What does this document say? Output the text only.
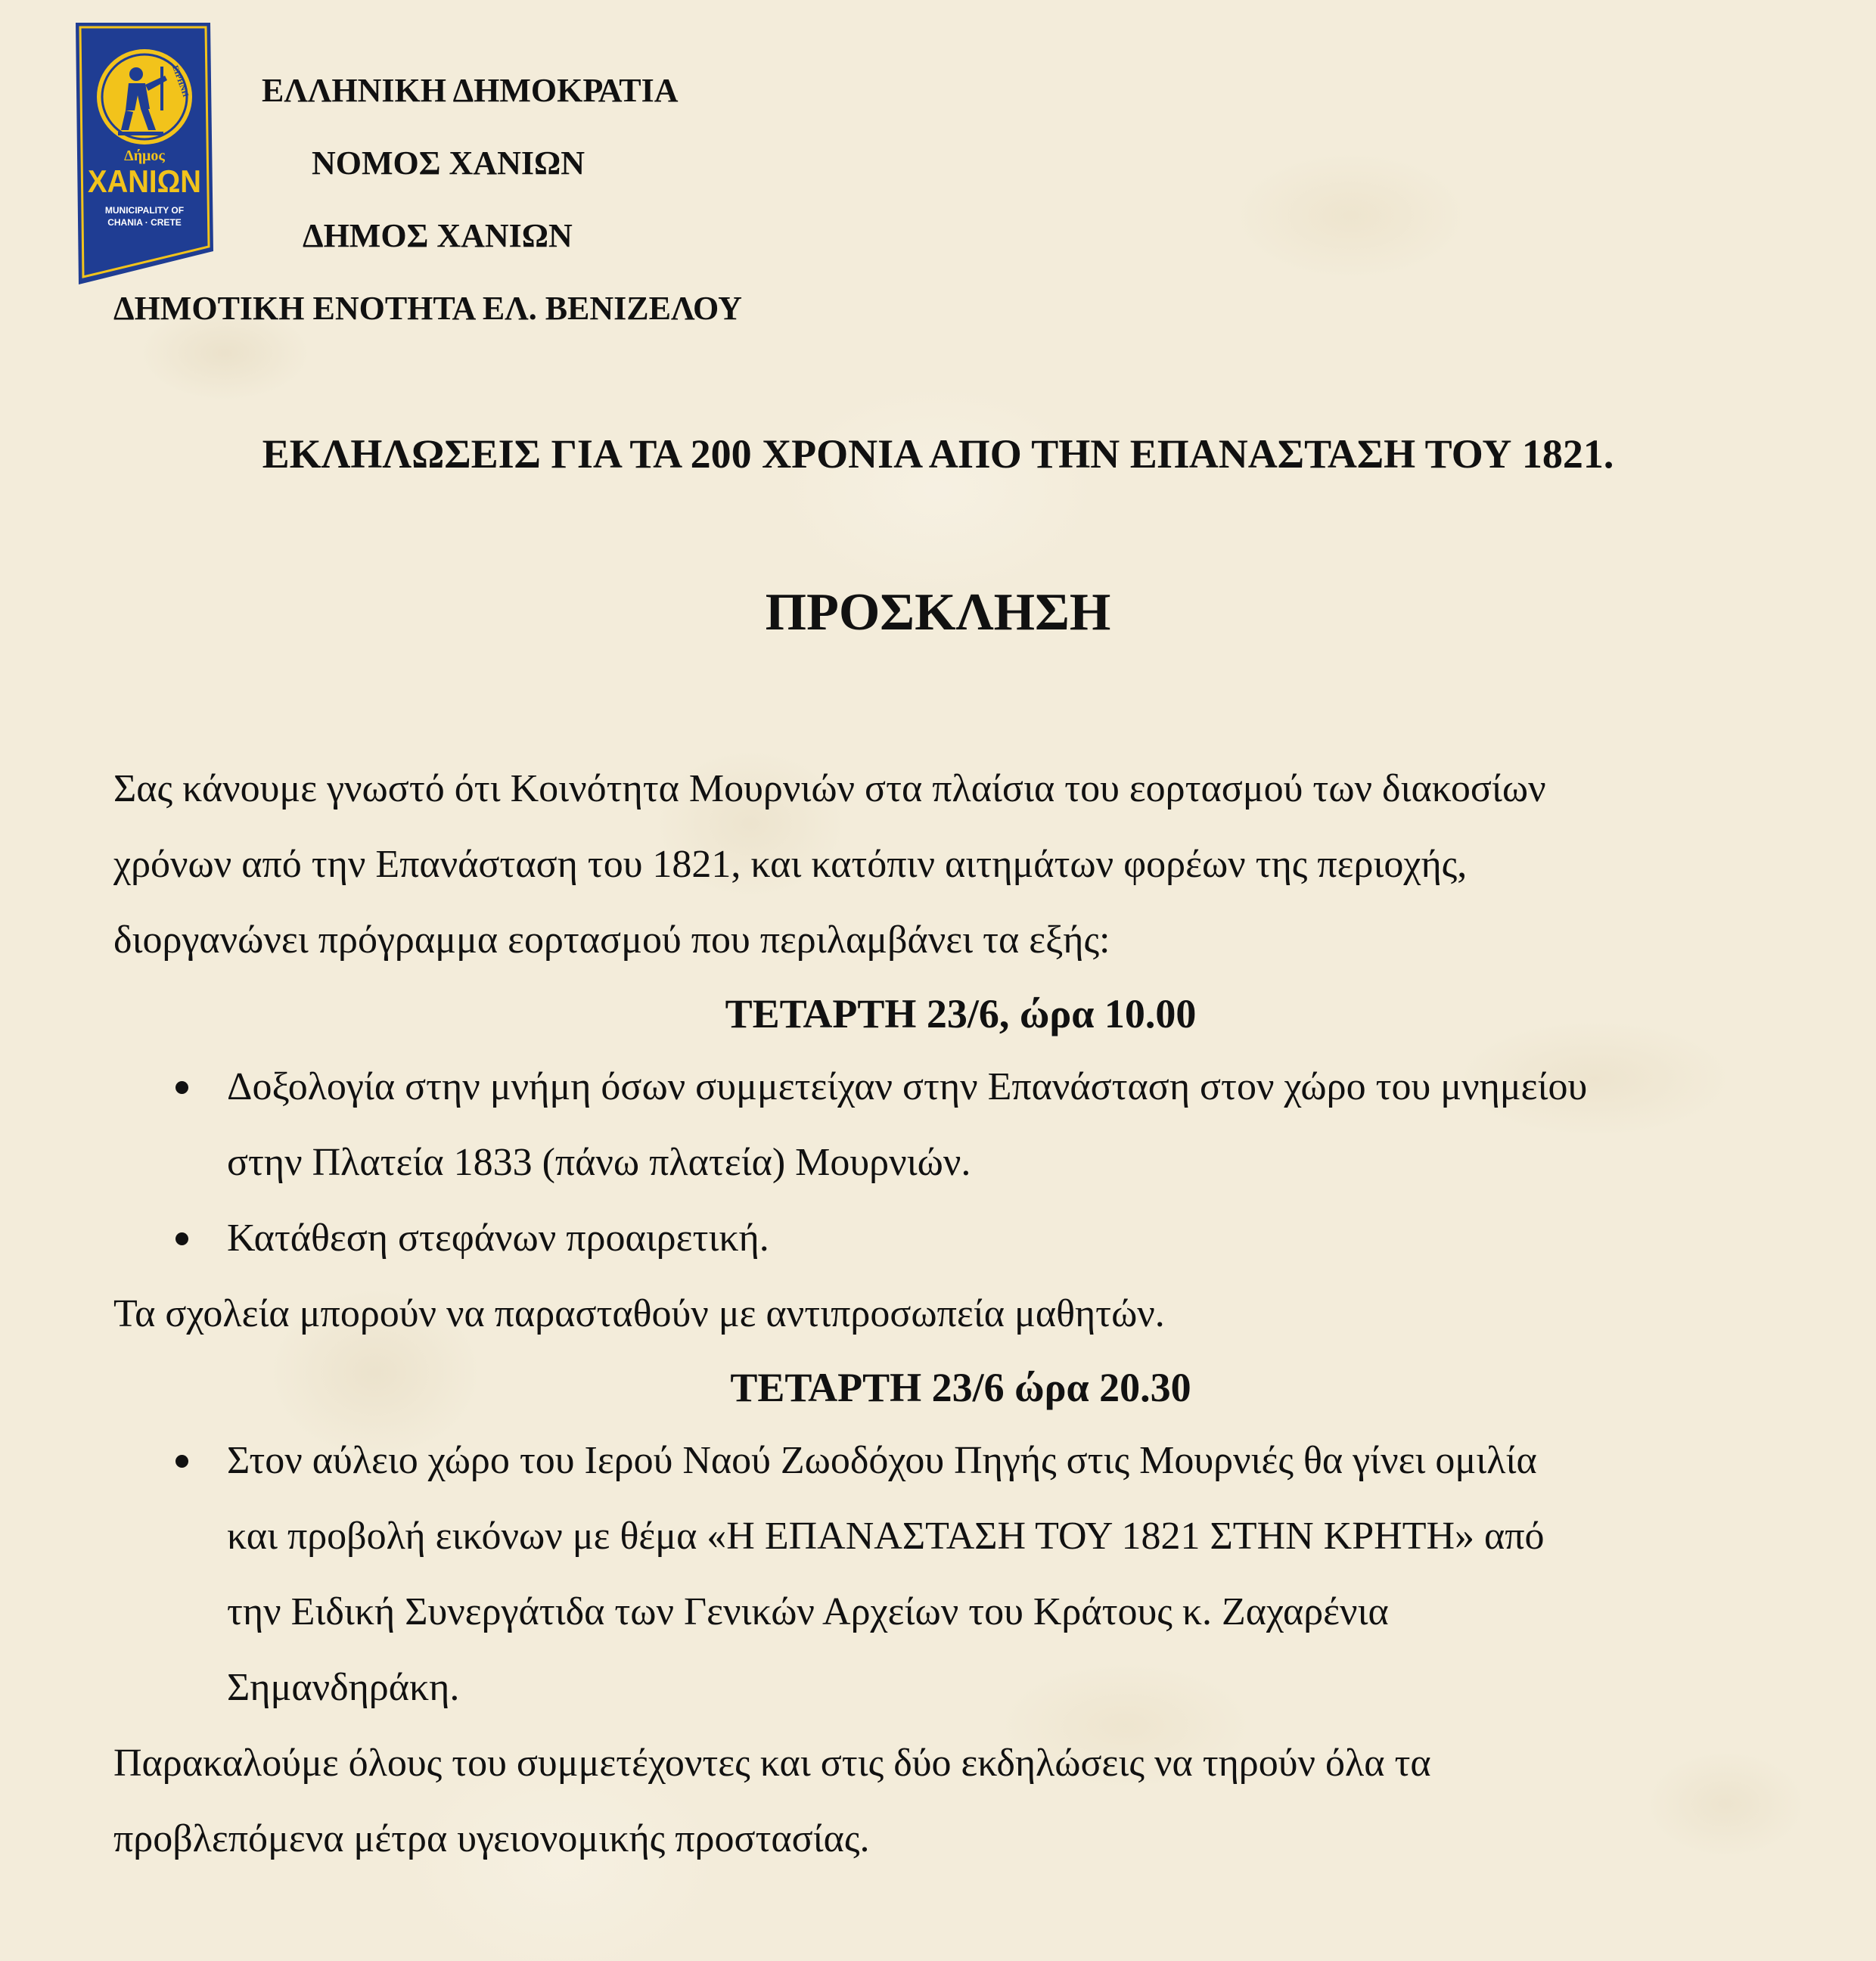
ΕΙΡΗΝΗ
Δήμος
ΧΑΝΙΩΝ
MUNICIPALITY OF
CHANIA · CRETE
ΕΛΛΗΝΙΚΗ ΔΗΜΟΚΡΑΤΙΑ
ΝΟΜΟΣ ΧΑΝΙΩΝ
ΔΗΜΟΣ ΧΑΝΙΩΝ
ΔΗΜΟΤΙΚΗ ΕΝΟΤΗΤΑ ΕΛ. ΒΕΝΙΖΕΛΟΥ
ΕΚΛΗΛΩΣΕΙΣ ΓΙΑ ΤΑ 200 ΧΡΟΝΙΑ ΑΠΟ ΤΗΝ ΕΠΑΝΑΣΤΑΣΗ ΤΟΥ 1821.
ΠΡΟΣΚΛΗΣΗ

Σας κάνουμε γνωστό ότι Κοινότητα Μουρνιών στα πλαίσια του εορτασμού των διακοσίων

χρόνων από την Επανάσταση του 1821, και κατόπιν αιτημάτων φορέων της περιοχής,

διοργανώνει πρόγραμμα εορτασμού που περιλαμβάνει τα εξής:

ΤΕΤΑΡΤΗ 23/6, ώρα 10.00

Δοξολογία στην μνήμη όσων συμμετείχαν στην Επανάσταση στον χώρο του μνημείου
στην Πλατεία 1833 (πάνω πλατεία) Μουρνιών.
Κατάθεση στεφάνων προαιρετική.

Τα σχολεία μπορούν να παρασταθούν με αντιπροσωπεία μαθητών.

ΤΕΤΑΡΤΗ 23/6 ώρα 20.30

Στον αύλειο χώρο του Ιερού Ναού Ζωοδόχου Πηγής στις Μουρνιές θα γίνει ομιλία
και προβολή εικόνων με θέμα «Η ΕΠΑΝΑΣΤΑΣΗ ΤΟΥ 1821 ΣΤΗΝ ΚΡΗΤΗ» από
την Ειδική Συνεργάτιδα των Γενικών Αρχείων του Κράτους κ. Ζαχαρένια
Σημανδηράκη.

Παρακαλούμε όλους του συμμετέχοντες και στις δύο εκδηλώσεις να τηρούν όλα τα

προβλεπόμενα μέτρα υγειονομικής προστασίας.
